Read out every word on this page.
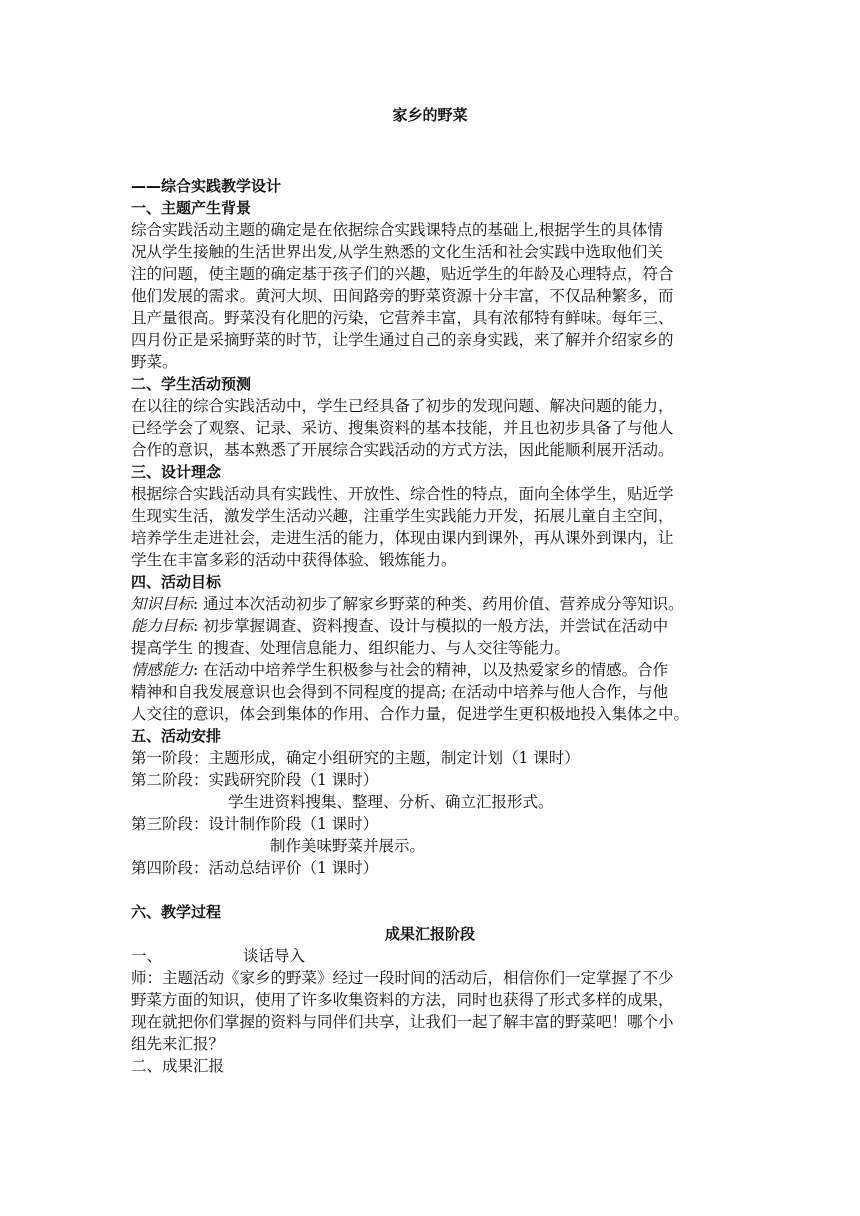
家乡的野菜
——综合实践教学设计
一、主题产生背景
综合实践活动主题的确定是在依据综合实践课特点的基础上,根据学生的具体情
况从学生接触的生活世界出发,从学生熟悉的文化生活和社会实践中选取他们关
注的问题，使主题的确定基于孩子们的兴趣，贴近学生的年龄及心理特点，符合
他们发展的需求。黄河大坝、田间路旁的野菜资源十分丰富，不仅品种繁多，而
且产量很高。野菜没有化肥的污染，它营养丰富，具有浓郁特有鲜味。每年三、
四月份正是采摘野菜的时节，让学生通过自己的亲身实践，来了解并介绍家乡的
野菜。
二、学生活动预测
在以往的综合实践活动中，学生已经具备了初步的发现问题、解决问题的能力，
已经学会了观察、记录、采访、搜集资料的基本技能，并且也初步具备了与他人
合作的意识，基本熟悉了开展综合实践活动的方式方法，因此能顺利展开活动。
三、设计理念
根据综合实践活动具有实践性、开放性、综合性的特点，面向全体学生，贴近学
生现实生活，激发学生活动兴趣，注重学生实践能力开发，拓展儿童自主空间，
培养学生走进社会，走进生活的能力，体现由课内到课外，再从课外到课内，让
学生在丰富多彩的活动中获得体验、锻炼能力。
四、活动目标
知识目标: 通过本次活动初步了解家乡野菜的种类、药用价值、营养成分等知识。
能力目标: 初步掌握调查、资料搜查、设计与模拟的一般方法，并尝试在活动中
提高学生 的搜查、处理信息能力、组织能力、与人交往等能力。
情感能力: 在活动中培养学生积极参与社会的精神，以及热爱家乡的情感。合作
精神和自我发展意识也会得到不同程度的提高; 在活动中培养与他人合作，与他
人交往的意识，体会到集体的作用、合作力量，促进学生更积极地投入集体之中。
五、活动安排
第一阶段：主题形成，确定小组研究的主题，制定计划（1 课时）
第二阶段：实践研究阶段（1 课时）
学生进资料搜集、整理、分析、确立汇报形式。
第三阶段：设计制作阶段（1 课时）
制作美味野菜并展示。
第四阶段：活动总结评价（1 课时）
六、教学过程
成果汇报阶段
一、	谈话导入
师：主题活动《家乡的野菜》经过一段时间的活动后，相信你们一定掌握了不少
野菜方面的知识，使用了许多收集资料的方法，同时也获得了形式多样的成果，
现在就把你们掌握的资料与同伴们共享，让我们一起了解丰富的野菜吧！哪个小
组先来汇报？
二、成果汇报
